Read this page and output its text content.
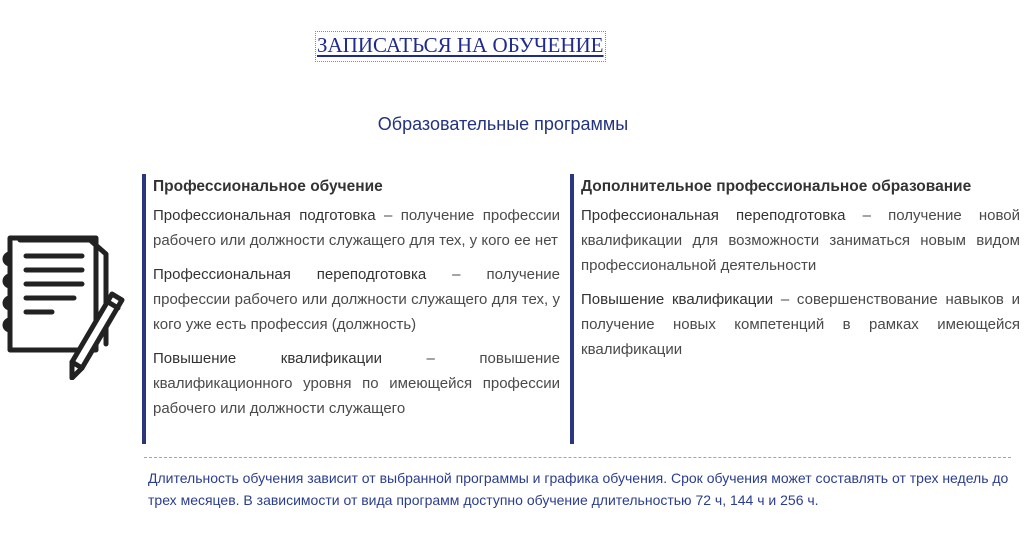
ЗАПИСАТЬСЯ НА ОБУЧЕНИЕ
Образовательные программы
Профессиональное обучение
Профессиональная подготовка – получение профессии рабочего или должности служащего для тех, у кого ее нет
Профессиональная переподготовка – получение профессии рабочего или должности служащего для тех, у кого уже есть профессия (должность)
Повышение квалификации – повышение квалификационного уровня по имеющейся профессии рабочего или должности служащего
Дополнительное профессиональное образование
Профессиональная переподготовка – получение новой квалификации для возможности заниматься новым видом профессиональной деятельности
Повышение квалификации – совершенствование навыков и получение новых компетенций в рамках имеющейся квалификации
Длительность обучения зависит от выбранной программы и графика обучения. Срок обучения может составлять от трех недель до трех месяцев. В зависимости от вида программ доступно обучение длительностью 72 ч, 144 ч и 256 ч.
